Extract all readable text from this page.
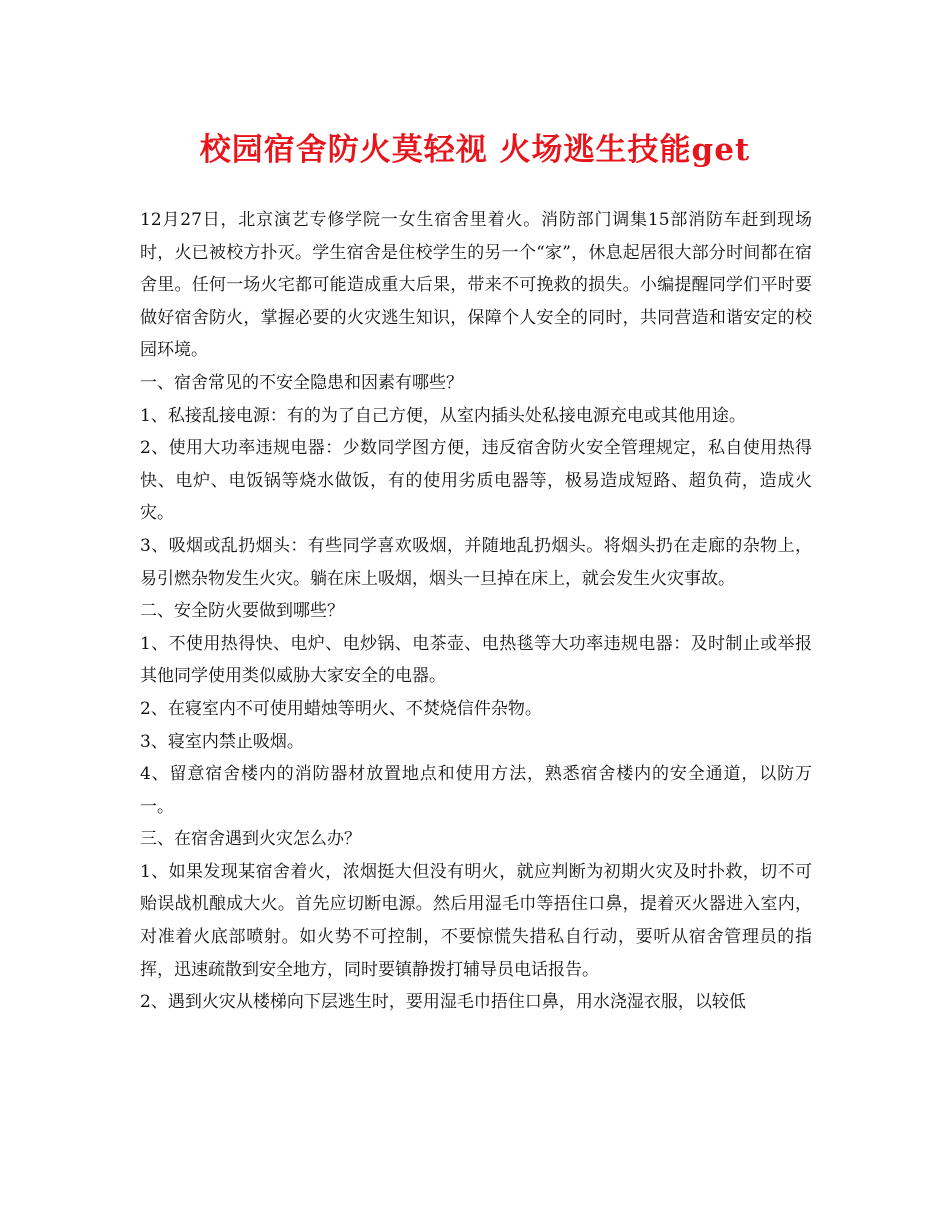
校园宿舍防火莫轻视 火场逃生技能get

12月27日，北京演艺专修学院一女生宿舍里着火。消防部门调集15部消防车赶到现场时，火已被校方扑灭。学生宿舍是住校学生的另一个“家”，休息起居很大部分时间都在宿舍里。任何一场火宅都可能造成重大后果，带来不可挽救的损失。小编提醒同学们平时要做好宿舍防火，掌握必要的火灾逃生知识，保障个人安全的同时，共同营造和谐安定的校园环境。

一、宿舍常见的不安全隐患和因素有哪些？

1、私接乱接电源：有的为了自己方便，从室内插头处私接电源充电或其他用途。

2、使用大功率违规电器：少数同学图方便，违反宿舍防火安全管理规定，私自使用热得快、电炉、电饭锅等烧水做饭，有的使用劣质电器等，极易造成短路、超负荷，造成火灾。

3、吸烟或乱扔烟头：有些同学喜欢吸烟，并随地乱扔烟头。将烟头扔在走廊的杂物上，易引燃杂物发生火灾。躺在床上吸烟，烟头一旦掉在床上，就会发生火灾事故。

二、安全防火要做到哪些？

1、不使用热得快、电炉、电炒锅、电茶壶、电热毯等大功率违规电器：及时制止或举报其他同学使用类似威胁大家安全的电器。

2、在寝室内不可使用蜡烛等明火、不焚烧信件杂物。

3、寝室内禁止吸烟。

4、留意宿舍楼内的消防器材放置地点和使用方法，熟悉宿舍楼内的安全通道，以防万一。

三、在宿舍遇到火灾怎么办？

1、如果发现某宿舍着火，浓烟挺大但没有明火，就应判断为初期火灾及时扑救，切不可贻误战机酿成大火。首先应切断电源。然后用湿毛巾等捂住口鼻，提着灭火器进入室内，对准着火底部喷射。如火势不可控制，不要惊慌失措私自行动，要听从宿舍管理员的指挥，迅速疏散到安全地方，同时要镇静拨打辅导员电话报告。

2、遇到火灾从楼梯向下层逃生时，要用湿毛巾捂住口鼻，用水浇湿衣服，以较低
